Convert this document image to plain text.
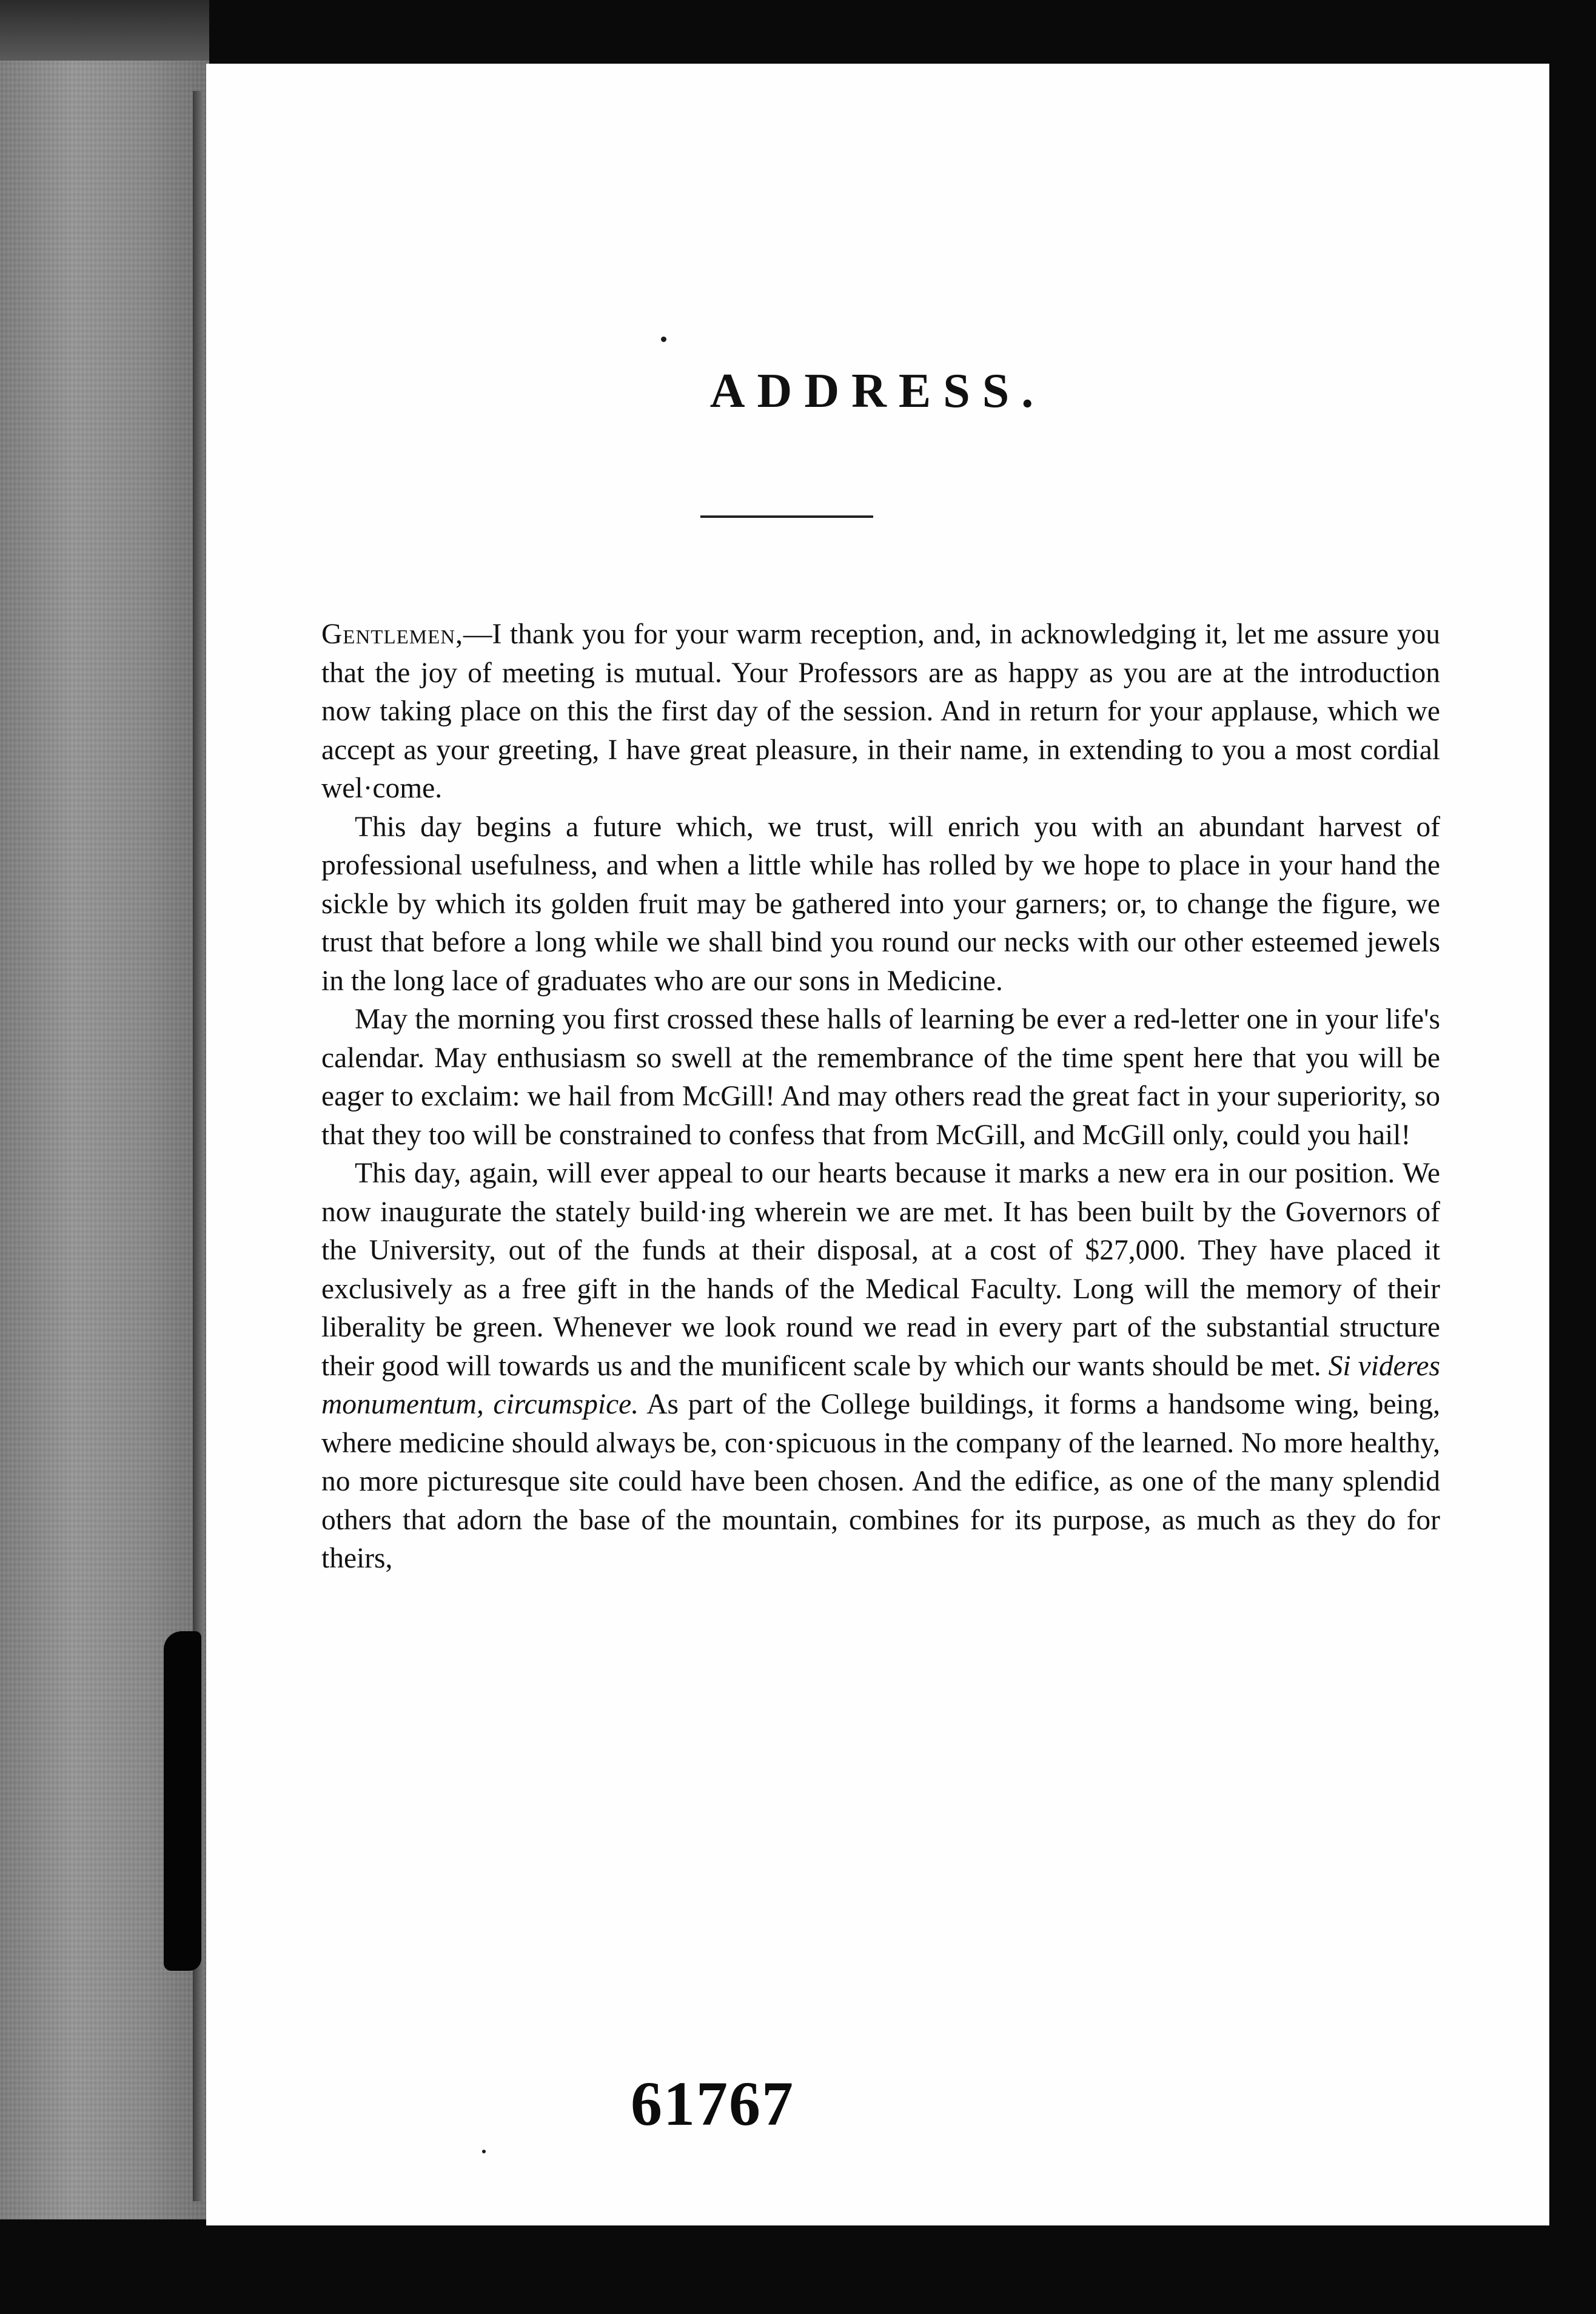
ADDRESS.

Gentlemen,—I thank you for your warm reception, and, in acknowledging it, let me assure you that the joy of meeting is mutual. Your Professors are as happy as you are at the introduction now taking place on this the first day of the session. And in return for your applause, which we accept as your greeting, I have great pleasure, in their name, in extending to you a most cordial wel·come.

This day begins a future which, we trust, will enrich you with an abundant harvest of professional usefulness, and when a little while has rolled by we hope to place in your hand the sickle by which its golden fruit may be gathered into your garners; or, to change the figure, we trust that before a long while we shall bind you round our necks with our other esteemed jewels in the long lace of graduates who are our sons in Medicine.

May the morning you first crossed these halls of learning be ever a red-letter one in your life's calendar. May enthusiasm so swell at the remembrance of the time spent here that you will be eager to exclaim: we hail from McGill! And may others read the great fact in your superiority, so that they too will be constrained to confess that from McGill, and McGill only, could you hail!

This day, again, will ever appeal to our hearts because it marks a new era in our position. We now inaugurate the stately build·ing wherein we are met. It has been built by the Governors of the University, out of the funds at their disposal, at a cost of $27,000. They have placed it exclusively as a free gift in the hands of the Medical Faculty. Long will the memory of their liberality be green. Whenever we look round we read in every part of the substantial structure their good will towards us and the munificent scale by which our wants should be met. Si videres monumentum, circumspice. As part of the College buildings, it forms a handsome wing, being, where medicine should always be, con·spicuous in the company of the learned. No more healthy, no more picturesque site could have been chosen. And the edifice, as one of the many splendid others that adorn the base of the mountain, combines for its purpose, as much as they do for theirs,

61767
